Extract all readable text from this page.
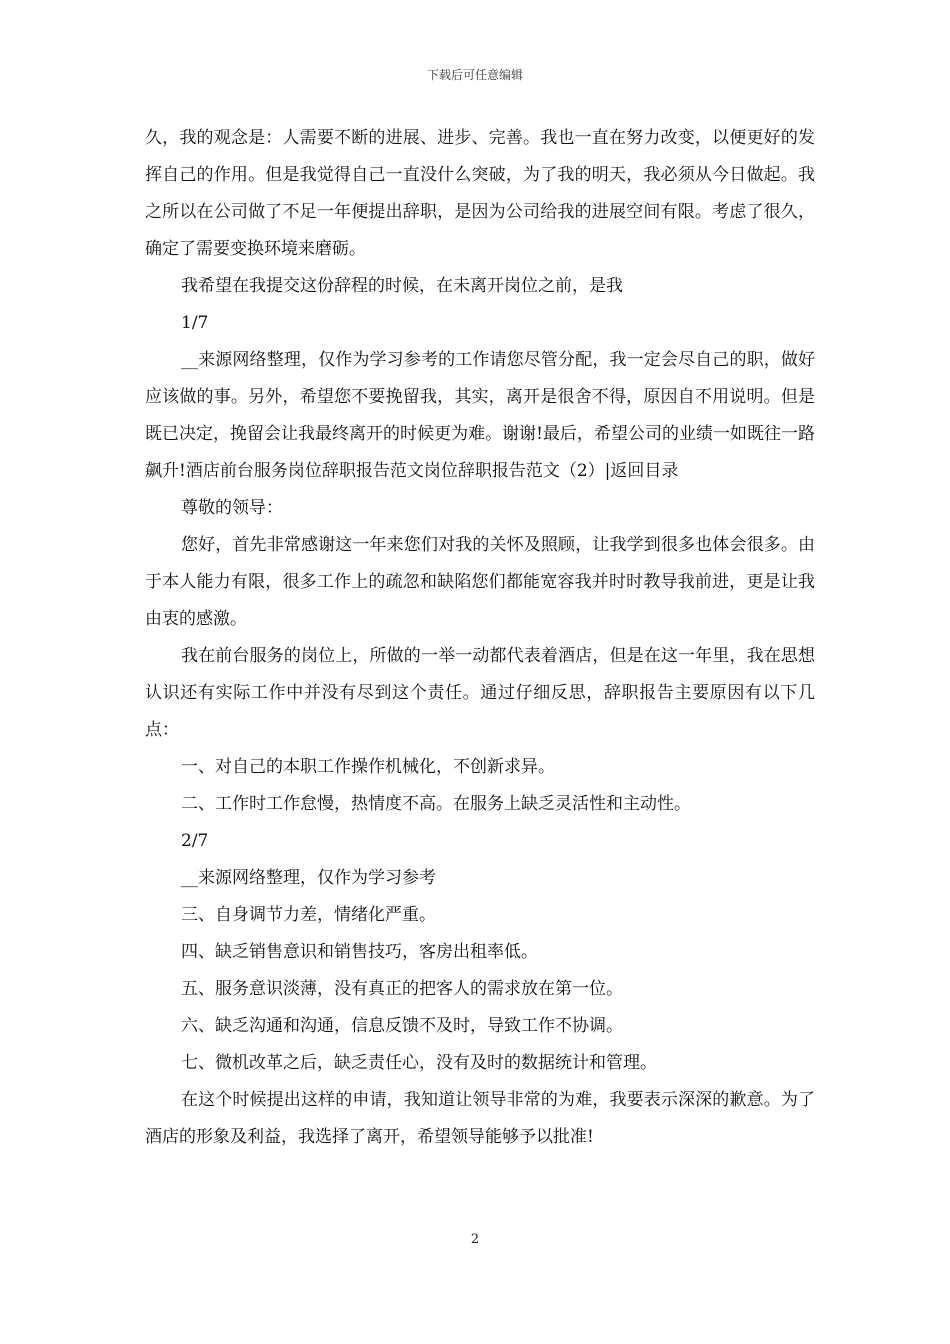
下载后可任意编辑

久，我的观念是：人需要不断的进展、进步、完善。我也一直在努力改变，以便更好的发挥自己的作用。但是我觉得自己一直没什么突破，为了我的明天，我必须从今日做起。我之所以在公司做了不足一年便提出辞职，是因为公司给我的进展空间有限。考虑了很久，确定了需要变换环境来磨砺。

我希望在我提交这份辞程的时候，在未离开岗位之前，是我

1/7

__来源网络整理，仅作为学习参考的工作请您尽管分配，我一定会尽自己的职，做好应该做的事。另外，希望您不要挽留我，其实，离开是很舍不得，原因自不用说明。但是既已决定，挽留会让我最终离开的时候更为难。谢谢!最后，希望公司的业绩一如既往一路飙升!酒店前台服务岗位辞职报告范文岗位辞职报告范文（2）|返回目录

尊敬的领导：

您好，首先非常感谢这一年来您们对我的关怀及照顾，让我学到很多也体会很多。由于本人能力有限，很多工作上的疏忽和缺陷您们都能宽容我并时时教导我前进，更是让我由衷的感激。

我在前台服务的岗位上，所做的一举一动都代表着酒店，但是在这一年里，我在思想认识还有实际工作中并没有尽到这个责任。通过仔细反思，辞职报告主要原因有以下几点：

一、对自己的本职工作操作机械化，不创新求异。

二、工作时工作怠慢，热情度不高。在服务上缺乏灵活性和主动性。

2/7

__来源网络整理，仅作为学习参考

三、自身调节力差，情绪化严重。

四、缺乏销售意识和销售技巧，客房出租率低。

五、服务意识淡薄，没有真正的把客人的需求放在第一位。

六、缺乏沟通和沟通，信息反馈不及时，导致工作不协调。

七、微机改革之后，缺乏责任心，没有及时的数据统计和管理。

在这个时候提出这样的申请，我知道让领导非常的为难，我要表示深深的歉意。为了酒店的形象及利益，我选择了离开，希望领导能够予以批准!

2
